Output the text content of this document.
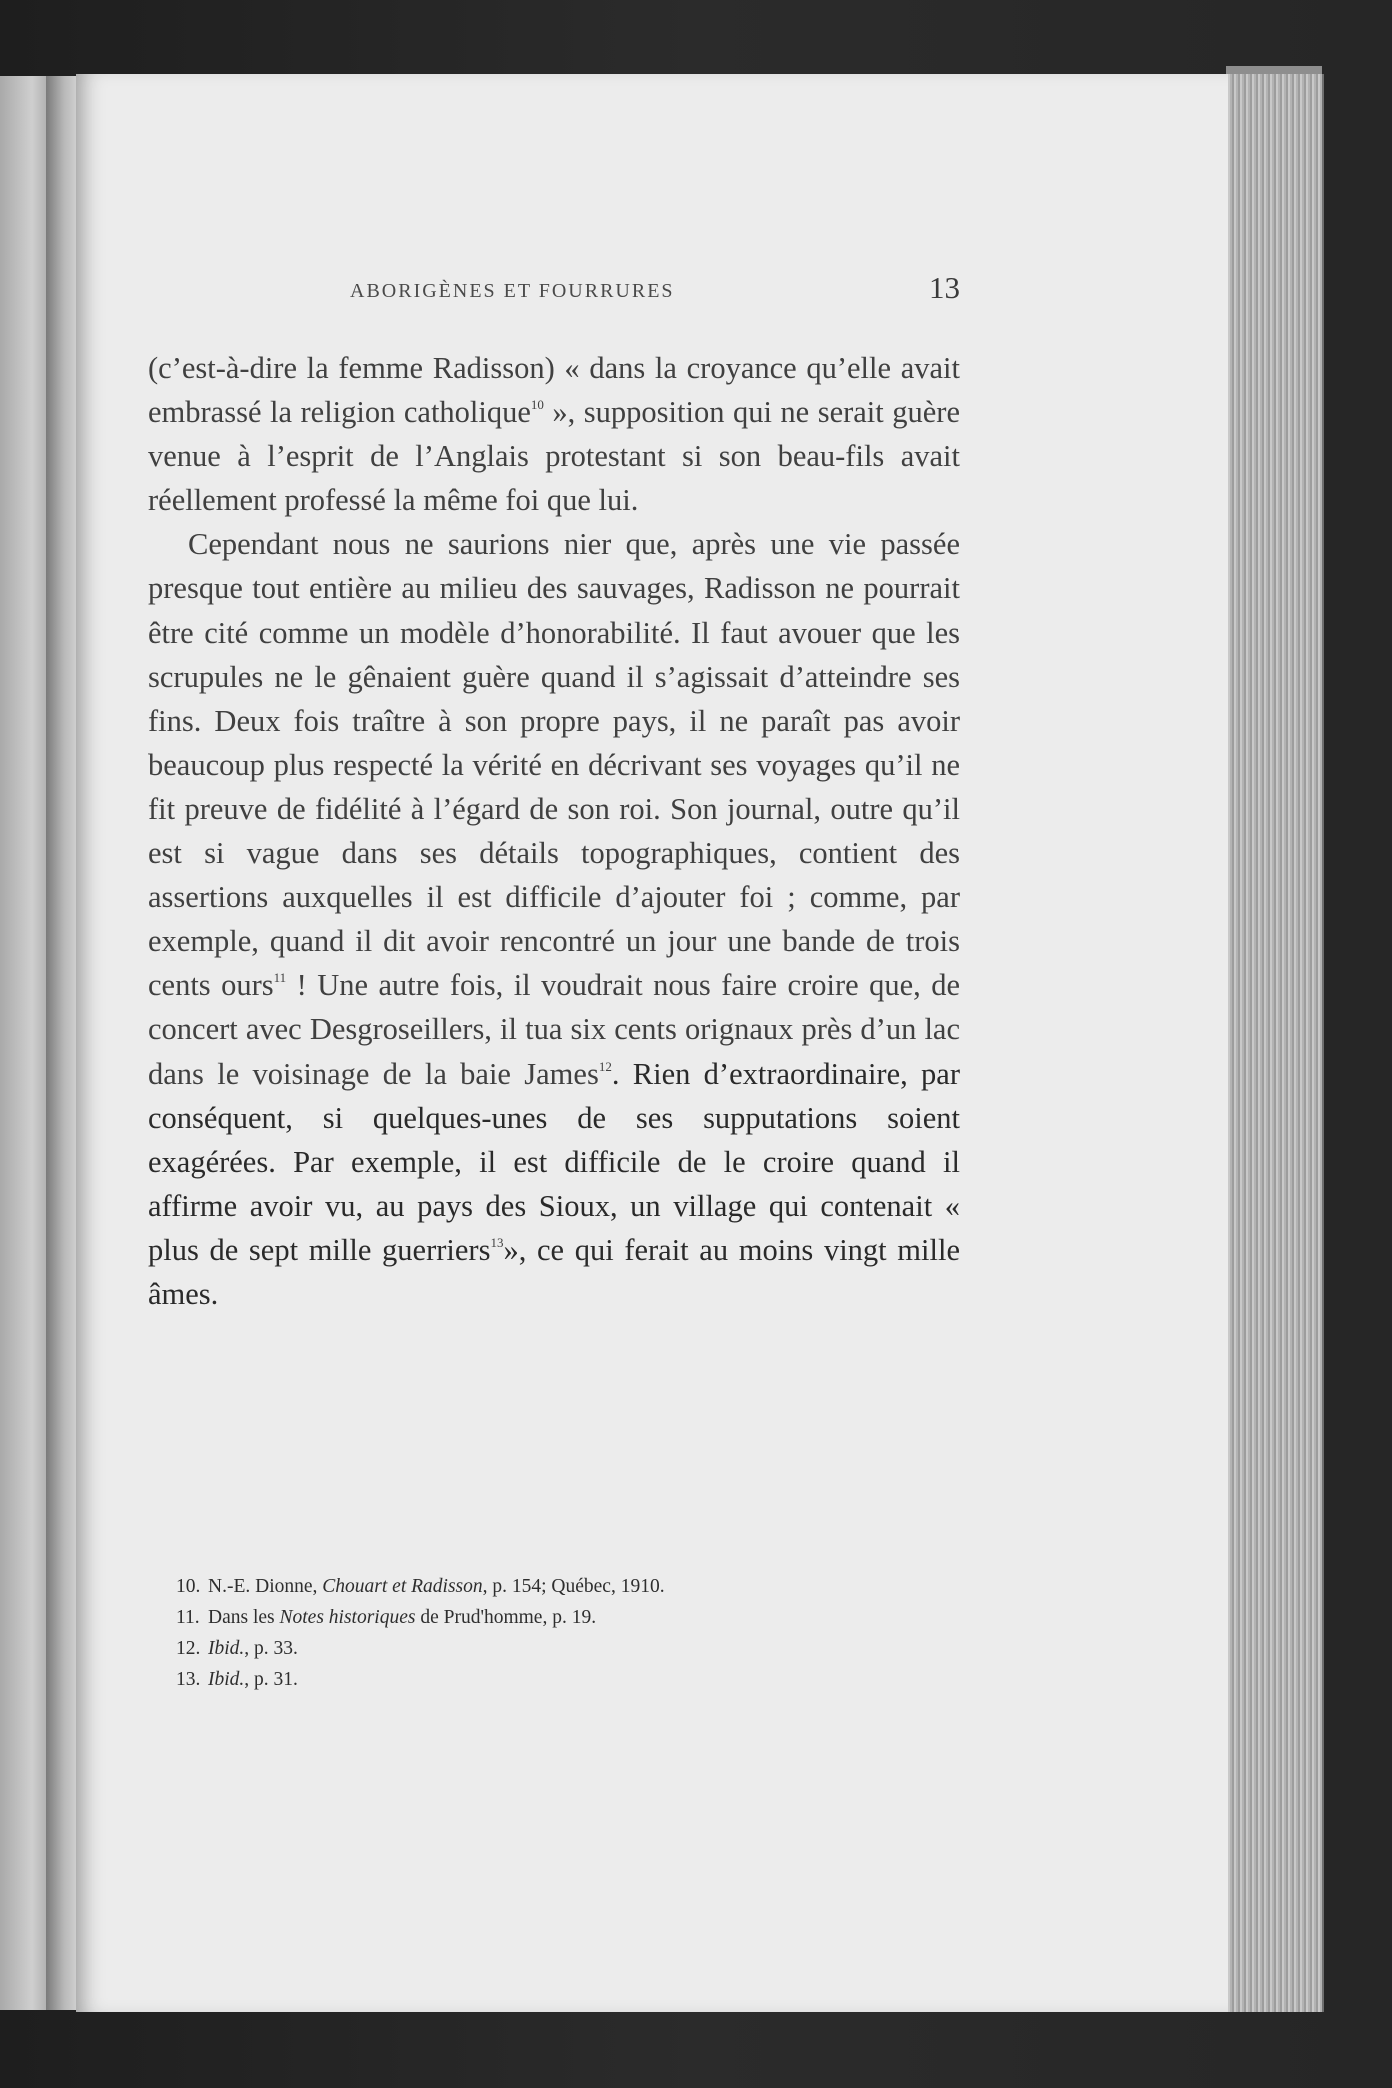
ABORIGÈNES ET FOURRURES	13

(c’est-à-dire la femme Radisson) « dans la croyance qu’elle avait embrassé la religion catholique$^{10}$ », supposition qui ne serait guère venue à l’esprit de l’Anglais protestant si son beau-fils avait réellement professé la même foi que lui.

Cependant nous ne saurions nier que, après une vie passée presque tout entière au milieu des sauvages, Radisson ne pourrait être cité comme un modèle d’honorabilité. Il faut avouer que les scrupules ne le gênaient guère quand il s’agissait d’atteindre ses fins. Deux fois traître à son propre pays, il ne paraît pas avoir beaucoup plus respecté la vérité en décrivant ses voyages qu’il ne fit preuve de fidélité à l’égard de son roi. Son journal, outre qu’il est si vague dans ses détails topographiques, contient des assertions auxquelles il est difficile d’ajouter foi ; comme, par exemple, quand il dit avoir rencontré un jour une bande de trois cents ours$^{11}$ ! Une autre fois, il voudrait nous faire croire que, de concert avec Desgroseillers, il tua six cents orignaux près d’un lac dans le voisinage de la baie James$^{12}$. Rien d’extraordinaire, par conséquent, si quelques-unes de ses supputations soient exagérées. Par exemple, il est difficile de le croire quand il affirme avoir vu, au pays des Sioux, un village qui contenait « plus de sept mille guerriers$^{13}$», ce qui ferait au moins vingt mille âmes.

10. N.-E. Dionne, Chouart et Radisson, p. 154; Québec, 1910.
11. Dans les Notes historiques de Prud'homme, p. 19.
12. Ibid., p. 33.
13. Ibid., p. 31.
